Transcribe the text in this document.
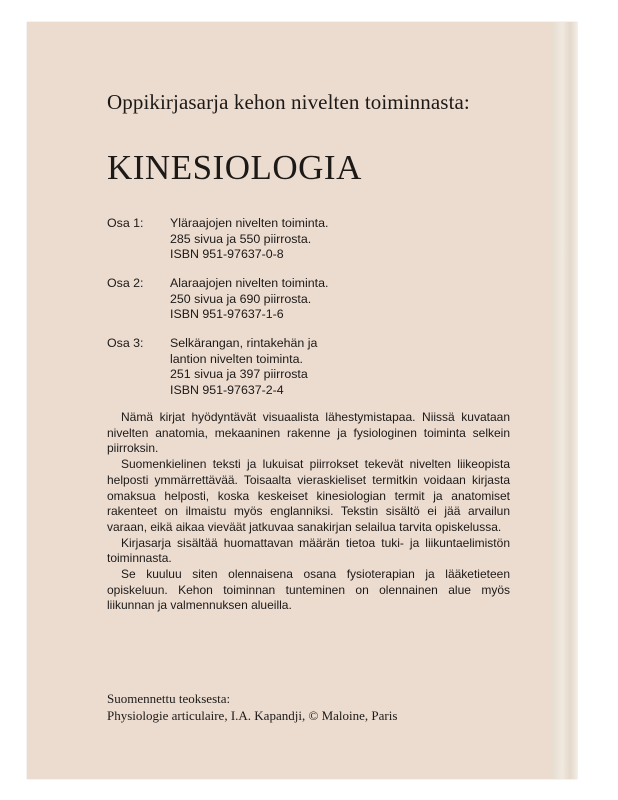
Oppikirjasarja kehon nivelten toiminnasta:
KINESIOLOGIA
Osa 1: Yläraajojen nivelten toiminta.
285 sivua ja 550 piirrosta.
ISBN 951-97637-0-8
Osa 2: Alaraajojen nivelten toiminta.
250 sivua ja 690 piirrosta.
ISBN 951-97637-1-6
Osa 3: Selkärangan, rintakehän ja
lantion nivelten toiminta.
251 sivua ja 397 piirrosta
ISBN 951-97637-2-4

Nämä kirjat hyödyntävät visuaalista lähestymistapaa. Niissä kuvataan nivelten anatomia, mekaaninen rakenne ja fysiologinen toiminta selkein piirroksin.

Suomenkielinen teksti ja lukuisat piirrokset tekevät nivelten liikeopista helposti ymmärrettävää. Toisaalta vieraskieliset termitkin voidaan kirjasta omaksua helposti, koska keskeiset kinesiologian termit ja anatomiset rakenteet on ilmaistu myös englanniksi. Tekstin sisältö ei jää arvailun varaan, eikä aikaa vieväät jatkuvaa sanakirjan selailua tarvita opiskelussa.

Kirjasarja sisältää huomattavan määrän tietoa tuki- ja liikuntaelimistön toiminnasta.

Se kuuluu siten olennaisena osana fysioterapian ja lääketieteen opiskeluun. Kehon toiminnan tunteminen on olennainen alue myös liikunnan ja valmennuksen alueilla.

Suomennettu teoksesta:
Physiologie articulaire, I.A. Kapandji, © Maloine, Paris
